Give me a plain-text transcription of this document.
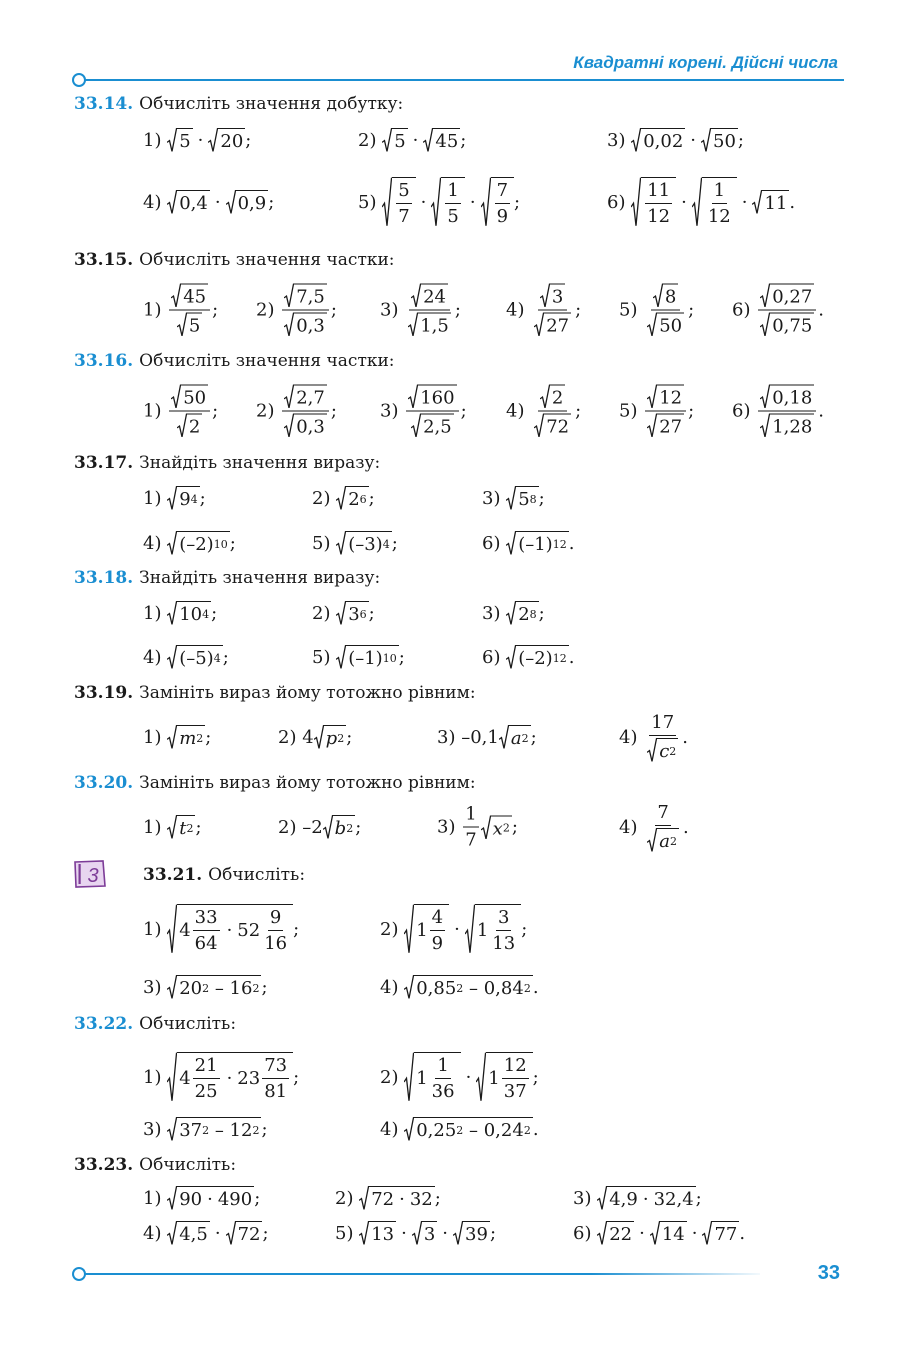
Квадратні корені. Дійсні числа
33.14. Обчисліть значення добутку:
1) 5 · 20 ;	2) 5 · 45 ;	3) 0,02 · 50 ;
4) 0,4 · 0,9 ;	5)
5
7
·
1
5
·
7
9
;	6)
11
12
·
1
12
· 11 .
33.15. Обчисліть значення частки:
1)
45
5
; 2)
7,5
0,3
; 3)
24
1,5
;	4)
3
27
; 5)
8
50
; 6)
0,27
0,75
.
33.16. Обчисліть значення частки:
1)
50
2
; 2)
2,7
0,3
; 3)
160
2,5
; 4)
2
72
; 5)
12
27
; 6)
0,18
1,28
.
33.17. Знайдіть значення виразу:
1) 9 4 ;	2) 2 6 ;	3) 5 8 ;
4) (–2) 10 ;	5) (–3) 4 ;	6) (–1) 12 .
33.18. Знайдіть значення виразу:
1) 10 4 ;	2) 3 6 ;	3) 2 8 ;
4) (–5) 4 ;	5) (–1) 10 ;	6) (–2) 12 .
33.19. Замініть вираз йому тотожно рівним:
1) m 2 ;	2) 4 p 2 ;	3) –0,1 a 2 ;	4)
17
c 2
.
33.20. Замініть вираз йому тотожно рівним:
1) t 2 ;	2) –2 b 2 ;	3)
1
7
x 2 ;	4)
7
a 2
.
3	33.21. Обчисліть:
1) 4
33
64
· 52
9
16
;	2) 1
4
9
· 1
3
13
;
3) 20 2 – 16 2 ;	4) 0,85 2 – 0,84 2 .
33.22. Обчисліть:
1) 4
21
25
· 23
73
81
;	2) 1
1
36
· 1
12
37
;
3) 37 2 – 12 2 ;	4) 0,25 2 – 0,24 2 .
33.23. Обчисліть:
1) 90 · 490 ;	2) 72 · 32 ;	3) 4,9 · 32,4 ;
4) 4,5 · 72 ;	5) 13 · 3 · 39 ;	6) 22 · 14 · 77 .
33
